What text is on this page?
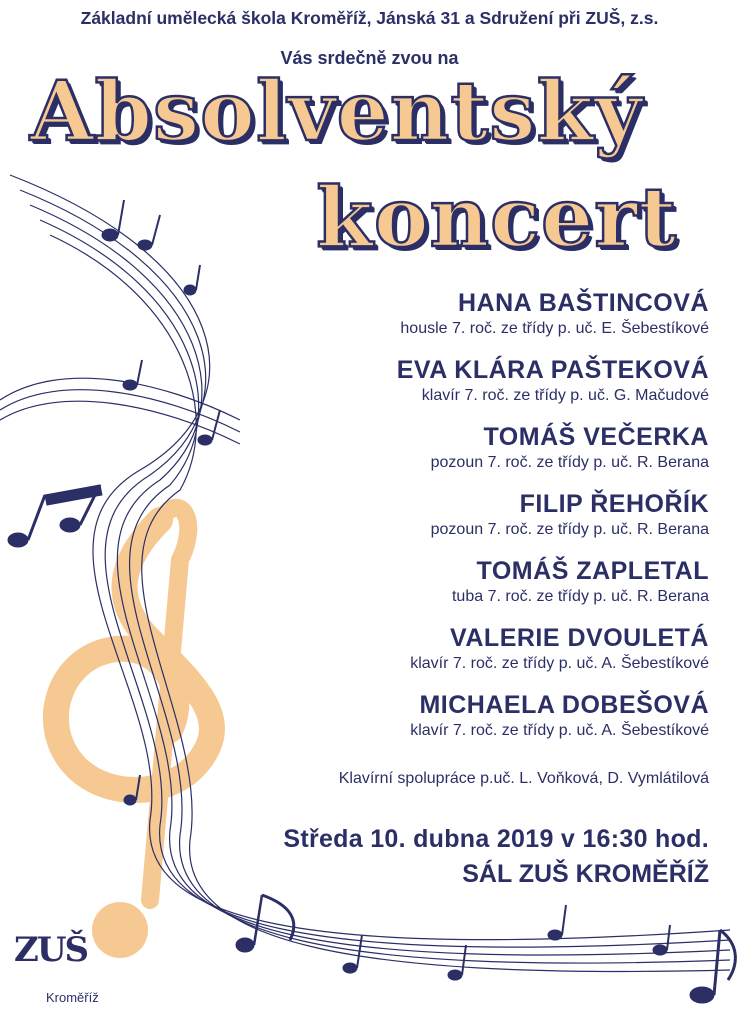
Základní umělecká škola Kroměříž, Jánská 31 a Sdružení při ZUŠ, z.s.
Vás srdečně zvou na
Absolventský
koncert
HANA BAŠTINCOVÁ
housle 7. roč. ze třídy p. uč. E. Šebestíkové
EVA KLÁRA PAŠTEKOVÁ
klavír 7. roč. ze třídy p. uč. G. Mačudové
TOMÁŠ VEČERKA
pozoun 7. roč. ze třídy p. uč. R. Berana
FILIP ŘEHOŘÍK
pozoun 7. roč. ze třídy p. uč. R. Berana
TOMÁŠ ZAPLETAL
tuba 7. roč. ze třídy p. uč. R. Berana
VALERIE DVOULETÁ
klavír 7. roč. ze třídy p. uč. A. Šebestíkové
MICHAELA DOBEŠOVÁ
klavír 7. roč. ze třídy p. uč. A. Šebestíkové
Klavírní spolupráce p.uč. L. Voňková, D. Vymlátilová
Středa 10. dubna 2019 v 16:30 hod.
SÁL ZUŠ KROMĚŘÍŽ
ZUŠ
Kroměříž
